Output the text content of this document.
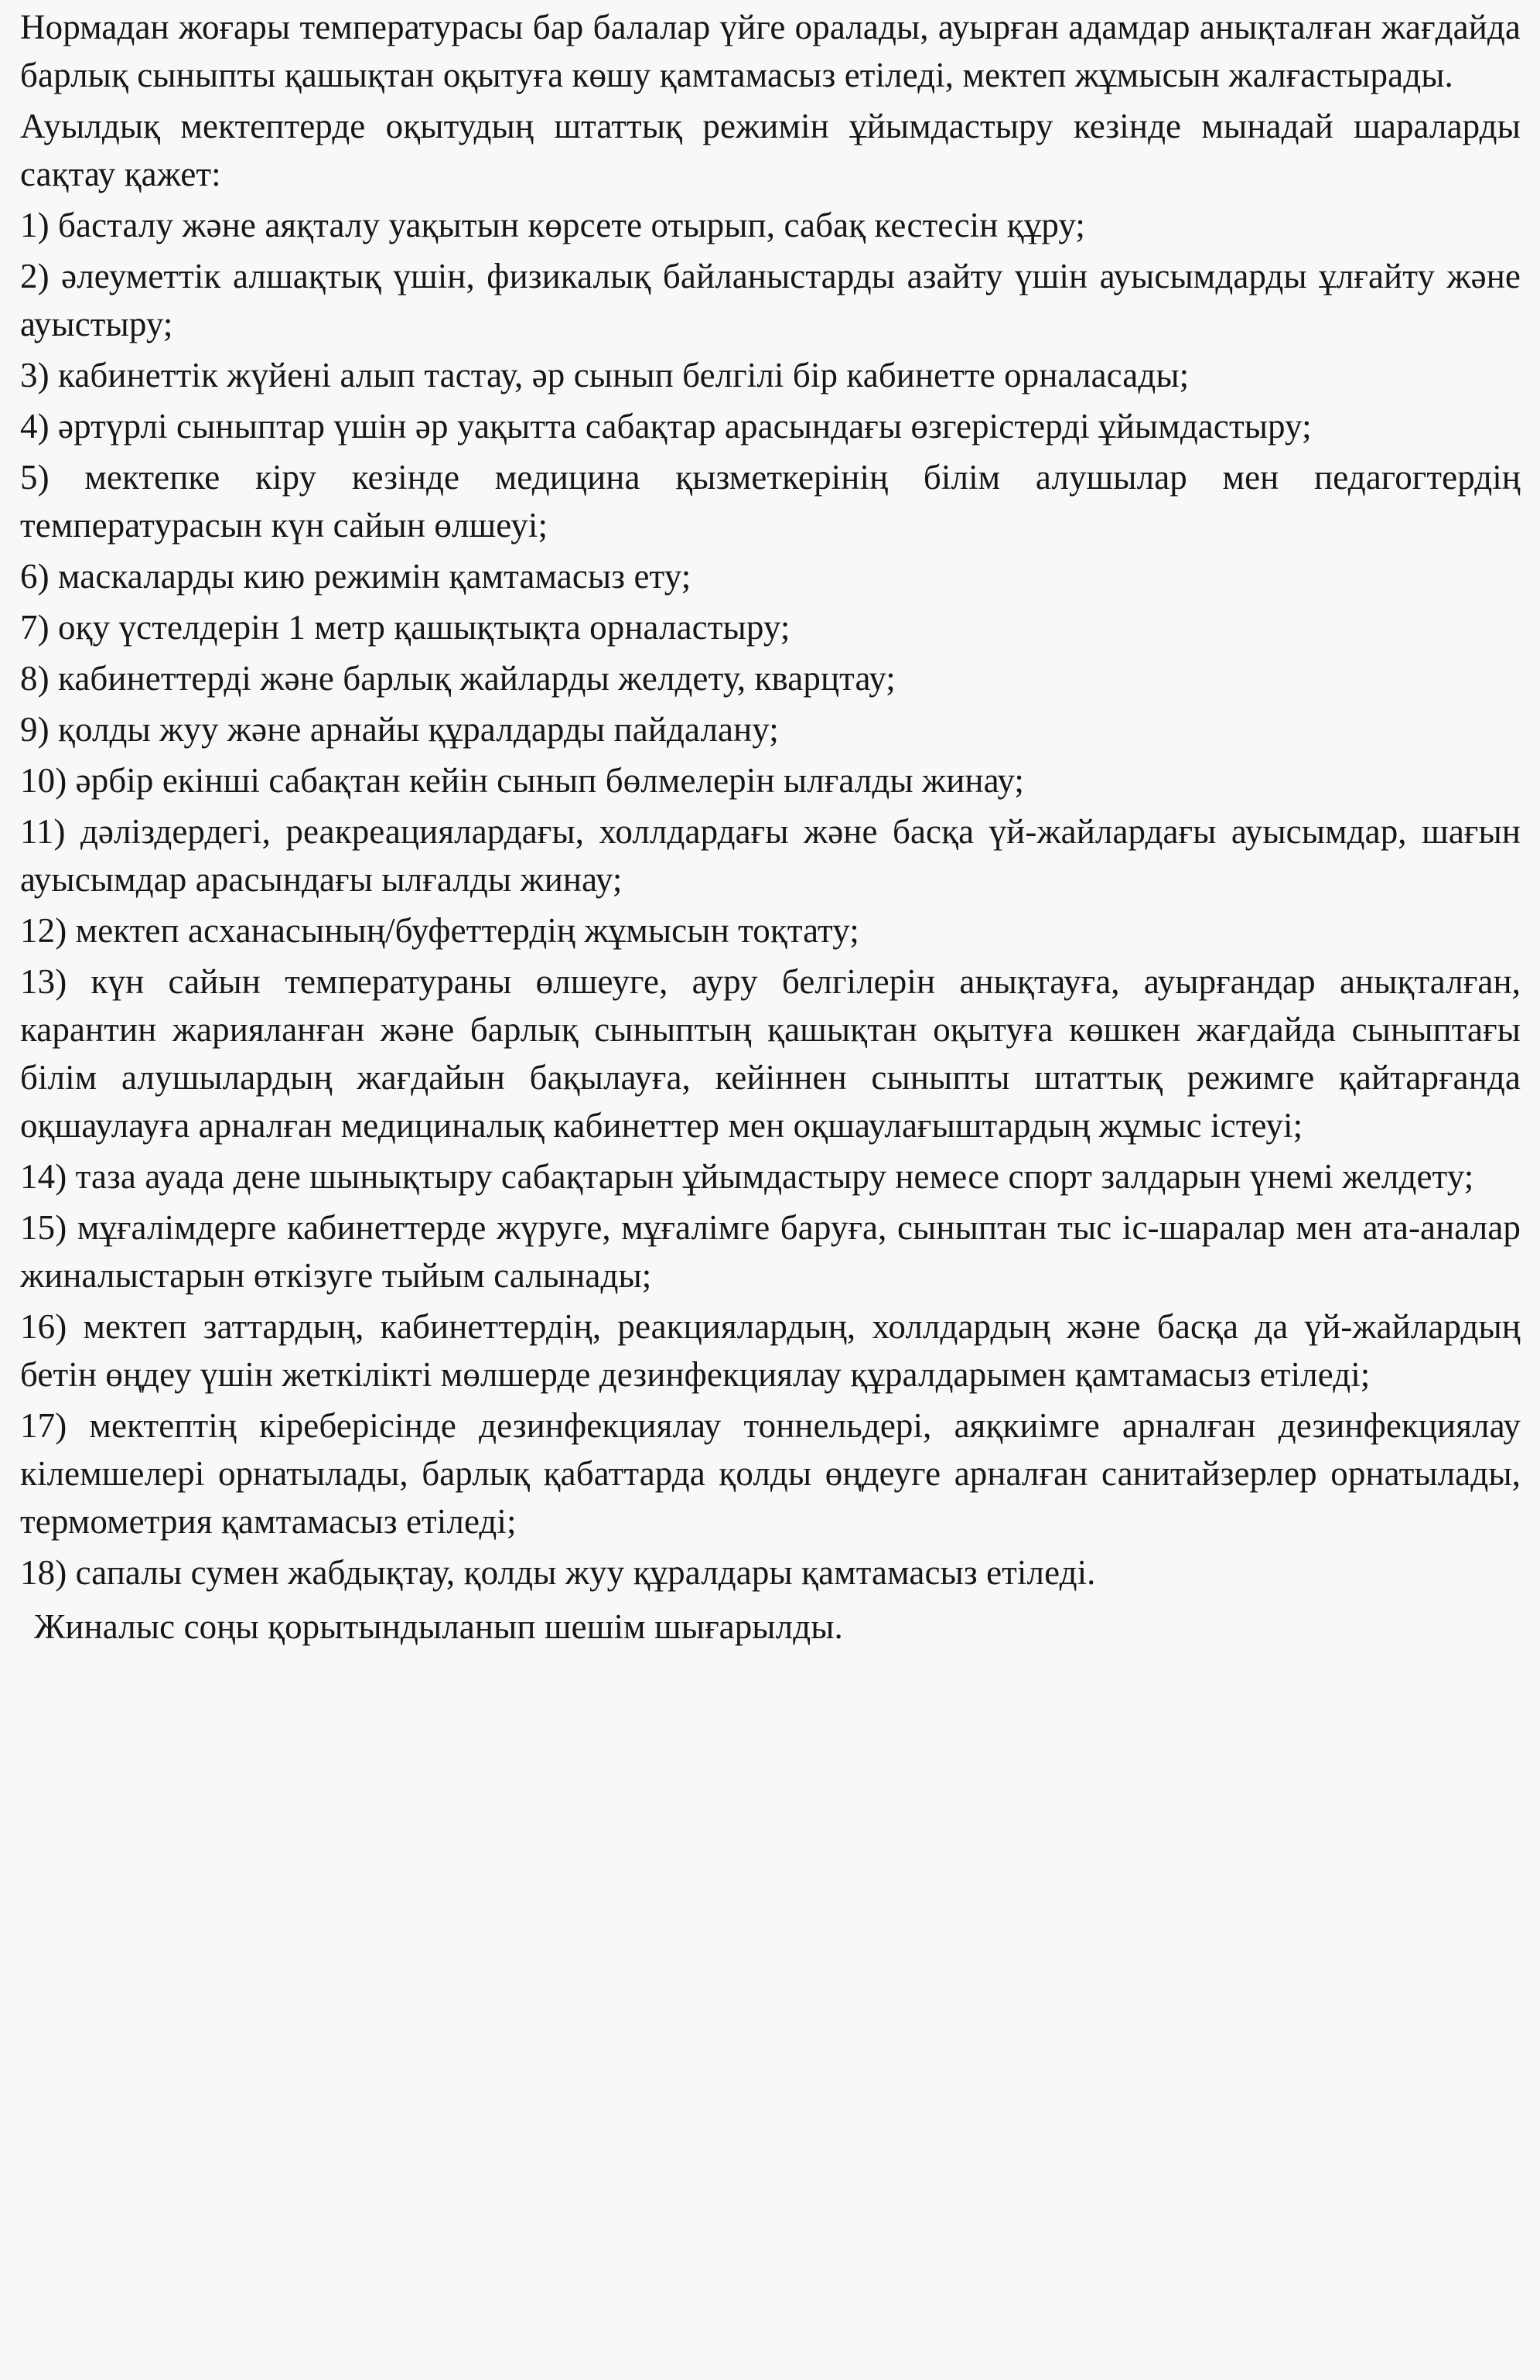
Нормадан жоғары температурасы бар балалар үйге оралады, ауырған адамдар анықталған жағдайда барлық сыныпты қашықтан оқытуға көшу қамтамасыз етіледі, мектеп жұмысын жалғастырады.

Ауылдық мектептерде оқытудың штаттық режимін ұйымдастыру кезінде мынадай шараларды сақтау қажет:

1) басталу және аяқталу уақытын көрсете отырып, сабақ кестесін құру;

2) әлеуметтік алшақтық үшін, физикалық байланыстарды азайту үшін ауысымдарды ұлғайту және ауыстыру;

3) кабинеттік жүйені алып тастау, әр сынып белгілі бір кабинетте орналасады;

4) әртүрлі сыныптар үшін әр уақытта сабақтар арасындағы өзгерістерді ұйымдастыру;

5) мектепке кіру кезінде медицина қызметкерінің білім алушылар мен педагогтердің температурасын күн сайын өлшеуі;

6) маскаларды кию режимін қамтамасыз ету;

7) оқу үстелдерін 1 метр қашықтықта орналастыру;

8) кабинеттерді және барлық жайларды желдету, кварцтау;

9) қолды жуу және арнайы құралдарды пайдалану;

10) әрбір екінші сабақтан кейін сынып бөлмелерін ылғалды жинау;

11) дәліздердегі, реакреациялардағы, холлдардағы және басқа үй-жайлардағы ауысымдар, шағын ауысымдар арасындағы ылғалды жинау;

12) мектеп асханасының/буфеттердің жұмысын тоқтату;

13) күн сайын температураны өлшеуге, ауру белгілерін анықтауға, ауырғандар анықталған, карантин жарияланған және барлық сыныптың қашықтан оқытуға көшкен жағдайда сыныптағы білім алушылардың жағдайын бақылауға, кейіннен сыныпты штаттық режимге қайтарғанда оқшаулауға арналған медициналық кабинеттер мен оқшаулағыштардың жұмыс істеуі;

14) таза ауада дене шынықтыру сабақтарын ұйымдастыру немесе спорт залдарын үнемі желдету;

15) мұғалімдерге кабинеттерде жүруге, мұғалімге баруға, сыныптан тыс іс-шаралар мен ата-аналар жиналыстарын өткізуге тыйым салынады;

16) мектеп заттардың, кабинеттердің, реакциялардың, холлдардың және басқа да үй-жайлардың бетін өңдеу үшін жеткілікті мөлшерде дезинфекциялау құралдарымен қамтамасыз етіледі;

17) мектептің кіреберісінде дезинфекциялау тоннельдері, аяқкиімге арналған дезинфекциялау кілемшелері орнатылады, барлық қабаттарда қолды өңдеуге арналған санитайзерлер орнатылады, термометрия қамтамасыз етіледі;

18) сапалы сумен жабдықтау, қолды жуу құралдары қамтамасыз етіледі.

Жиналыс соңы қорытындыланып шешім шығарылды.
